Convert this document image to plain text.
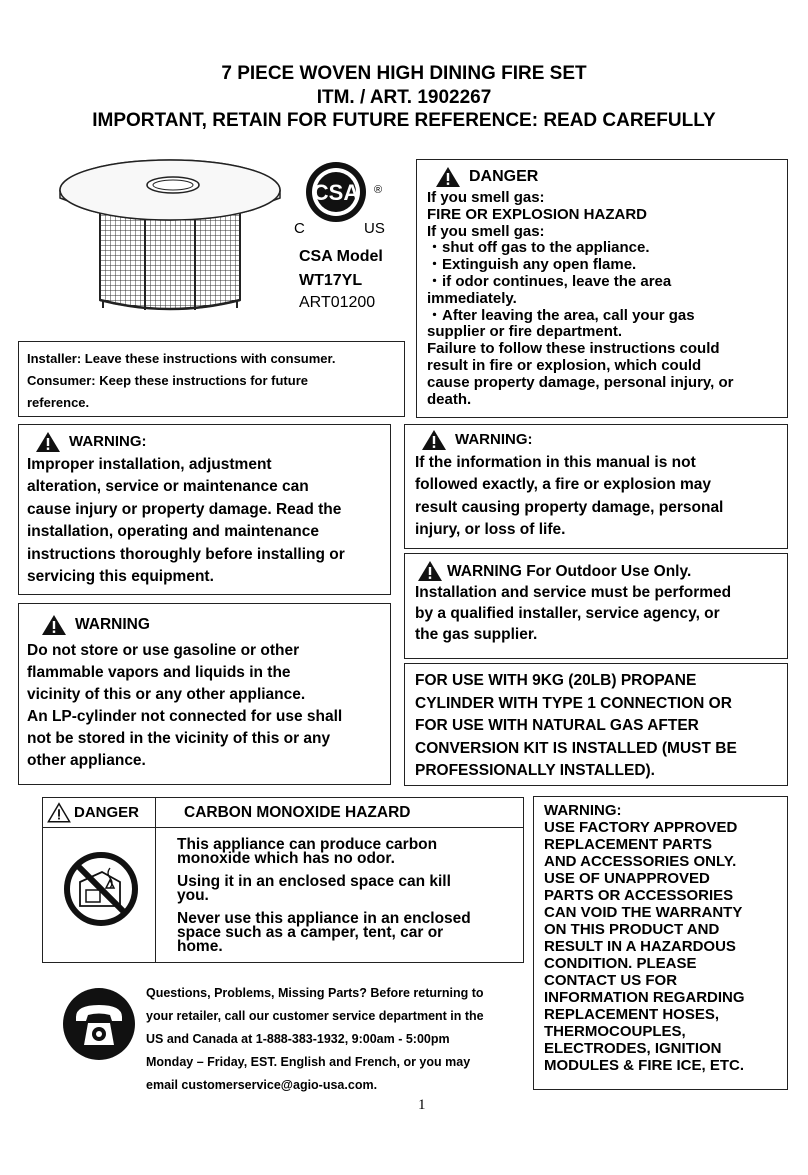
7 PIECE WOVEN HIGH DINING FIRE SET
ITM. / ART. 1902267
IMPORTANT, RETAIN FOR FUTURE REFERENCE: READ CAREFULLY
CSA ®
C	US
CSA Model
WT17YL
ART01200
Installer: Leave these instructions with consumer.
Consumer: Keep these instructions for future
reference.
DANGER
If you smell gas:
FIRE OR EXPLOSION HAZARD
If you smell gas:
・shut off gas to the appliance.
・Extinguish any open flame.
・if odor continues, leave the area
immediately.
・After leaving the area, call your gas
supplier or fire department.
Failure to follow these instructions could
result in fire or explosion, which could
cause property damage, personal injury, or
death.
WARNING:
Improper installation, adjustment
alteration, service or maintenance can
cause injury or property damage. Read the
installation, operating and maintenance
instructions thoroughly before installing or
servicing this equipment.
WARNING:
If the information in this manual is not
followed exactly, a fire or explosion may
result causing property damage, personal
injury, or loss of life.
WARNING For Outdoor Use Only.
Installation and service must be performed
by a qualified installer, service agency, or
the gas supplier.
WARNING
Do not store or use gasoline or other
flammable vapors and liquids in the
vicinity of this or any other appliance.
An LP-cylinder not connected for use shall
not be stored in the vicinity of this or any
other appliance.
FOR USE WITH 9KG (20LB) PROPANE
CYLINDER WITH TYPE 1 CONNECTION OR
FOR USE WITH NATURAL GAS AFTER
CONVERSION KIT IS INSTALLED (MUST BE
PROFESSIONALLY INSTALLED).
DANGER	CARBON MONOXIDE HAZARD
This appliance can produce carbon
monoxide which has no odor.
Using it in an enclosed space can kill
you.
Never use this appliance in an enclosed
space such as a camper, tent, car or
home.
WARNING:
USE FACTORY APPROVED
REPLACEMENT PARTS
AND ACCESSORIES ONLY.
USE OF UNAPPROVED
PARTS OR ACCESSORIES
CAN VOID THE WARRANTY
ON THIS PRODUCT AND
RESULT IN A HAZARDOUS
CONDITION. PLEASE
CONTACT US FOR
INFORMATION REGARDING
REPLACEMENT HOSES,
THERMOCOUPLES,
ELECTRODES, IGNITION
MODULES & FIRE ICE, ETC.
Questions, Problems, Missing Parts? Before returning to
your retailer, call our customer service department in the
US and Canada at 1-888-383-1932, 9:00am - 5:00pm
Monday – Friday, EST. English and French, or you may
email customerservice@agio-usa.com.
1
